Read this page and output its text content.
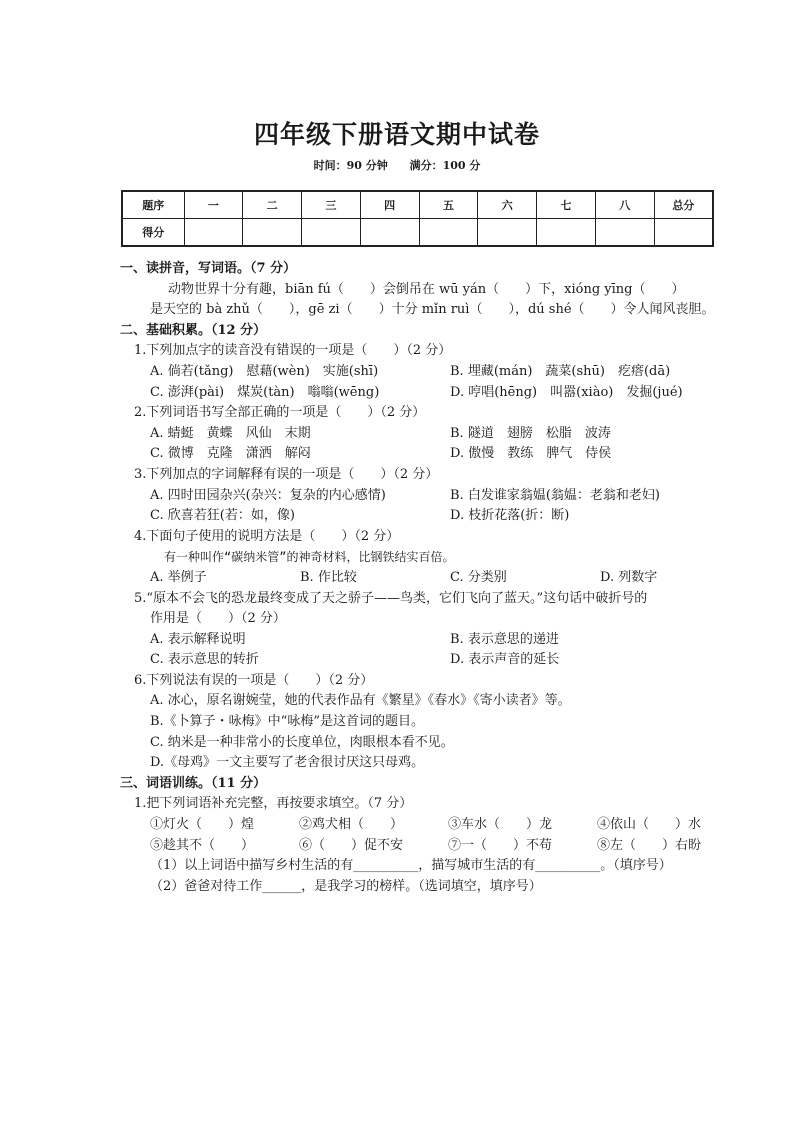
四年级下册语文期中试卷
时间：90 分钟 满分：100 分
题序	一	二	三	四	五	六	七	八	总分
得分									
一、读拼音，写词语。（7 分）
动物世界十分有趣，biān fú（　　）会倒吊在 wū yán（　　）下，xióng yīng（　　）
是天空的 bà zhǔ（　　），gē zi（　　）十分 mǐn ruì（　　），dú shé（　　）令人闻风丧胆。
二、基础积累。（12 分）
1.下列加点字的读音没有错误的一项是（　　）（2 分）
A. 倘若(tǎng)　慰藉(wèn)　实施(shī)	B. 埋藏(mán)　蔬菜(shū)　疙瘩(dā)
C. 澎湃(pài)　煤炭(tàn)　嗡嗡(wēng)	D. 哼唱(hēng)　叫嚣(xiào)　发掘(jué)
2.下列词语书写全部正确的一项是（　　）（2 分）
A. 蜻蜓　黄蝶　风仙　末期	B. 隧道　翅膀　松脂　波涛
C. 微博　克隆　潇洒　解闷	D. 傲慢　教练　脾气　侍侯
3.下列加点的字词解释有误的一项是（　　）（2 分）
A. 四时田园杂兴(杂兴：复杂的内心感情)	B. 白发谁家翁媪(翁媪：老翁和老妇)
C. 欣喜若狂(若：如，像)	D. 枝折花落(折：断)
4.下面句子使用的说明方法是（　　）（2 分）
有一种叫作“碳纳米管”的神奇材料，比钢铁结实百倍。
A. 举例子	B. 作比较	C. 分类别	D. 列数字
5.“原本不会飞的恐龙最终变成了天之骄子——鸟类，它们飞向了蓝天。”这句话中破折号的
作用是（　　）（2 分）
A. 表示解释说明	B. 表示意思的递进
C. 表示意思的转折	D. 表示声音的延长
6.下列说法有误的一项是（　　）（2 分）
A. 冰心，原名谢婉莹，她的代表作品有《繁星》《春水》《寄小读者》等。
B.《卜算子・咏梅》中“咏梅”是这首词的题目。
C. 纳米是一种非常小的长度单位，肉眼根本看不见。
D.《母鸡》一文主要写了老舍很讨厌这只母鸡。
三、词语训练。（11 分）
1.把下列词语补充完整，再按要求填空。（7 分）
①灯火（　　）煌	②鸡犬相（　　）	③车水（　　）龙	④依山（　　）水
⑤趁其不（　　）	⑥（　　）促不安	⑦一（　　）不苟	⑧左（　　）右盼
（1）以上词语中描写乡村生活的有__________，描写城市生活的有__________。（填序号）
（2）爸爸对待工作______，是我学习的榜样。（选词填空，填序号）
